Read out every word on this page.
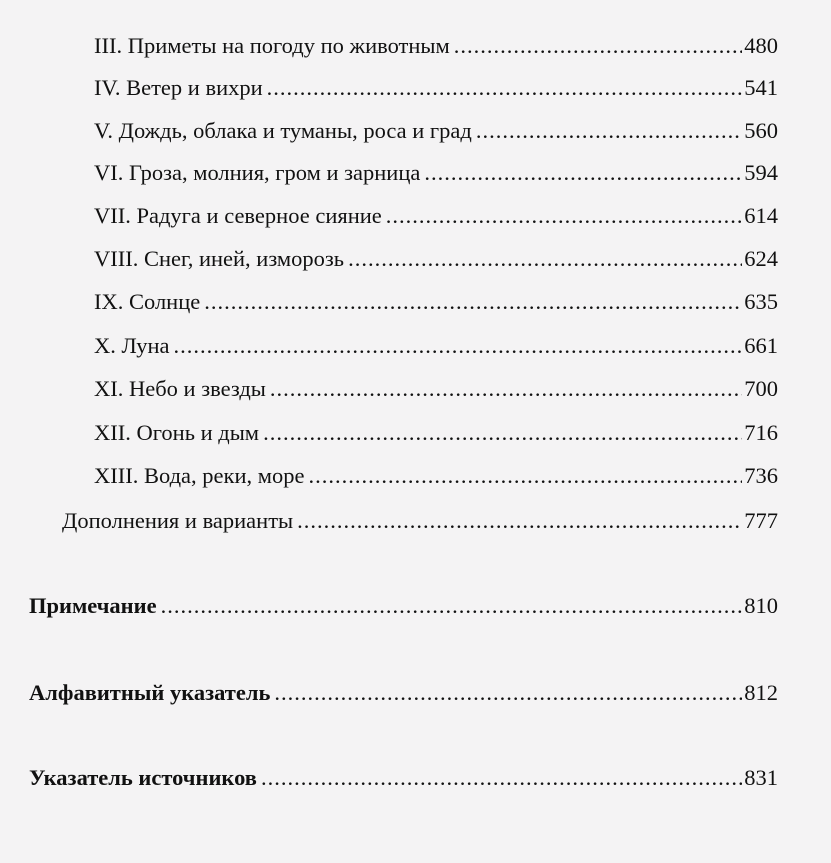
III. Приметы на погоду по животным .....	480
IV. Ветер и вихри .....	541
V. Дождь, облака и туманы, роса и град .....	560
VI. Гроза, молния, гром и зарница .....	594
VII. Радуга и северное сияние .....	614
VIII. Снег, иней, изморозь .....	624
IX. Солнце .....	635
X. Луна .....	661
XI. Небо и звезды .....	700
XII. Огонь и дым .....	716
XIII. Вода, реки, море .....	736
Дополнения и варианты .....	777
Примечание .....	810
Алфавитный указатель .....	812
Указатель источников .....	831
